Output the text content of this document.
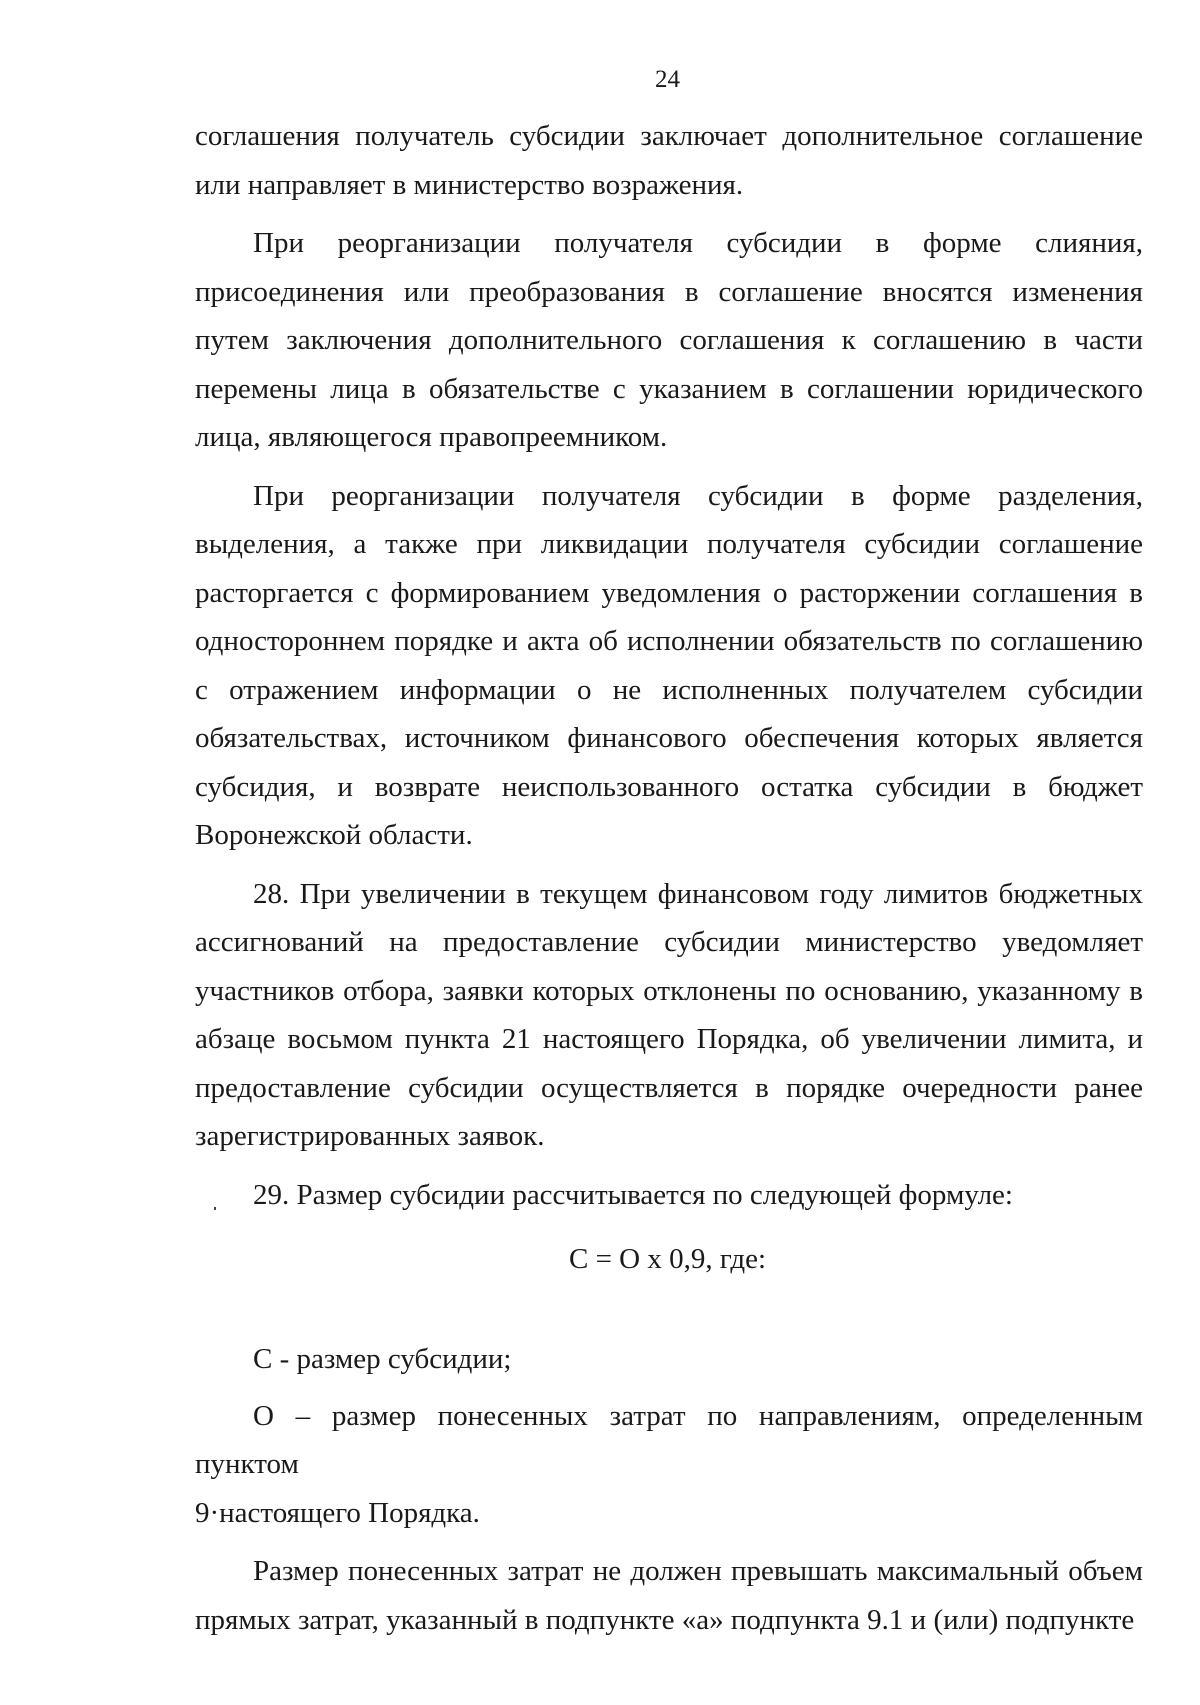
24

соглашения получатель субсидии заключает дополнительное соглашение или направляет в министерство возражения.

При реорганизации получателя субсидии в форме слияния, присоединения или преобразования в соглашение вносятся изменения путем заключения дополнительного соглашения к соглашению в части перемены лица в обязательстве с указанием в соглашении юридического лица, являющегося правопреемником.

При реорганизации получателя субсидии в форме разделения, выделения, а также при ликвидации получателя субсидии соглашение расторгается с формированием уведомления о расторжении соглашения в одностороннем порядке и акта об исполнении обязательств по соглашению с отражением информации о не исполненных получателем субсидии обязательствах, источником финансового обеспечения которых является субсидия, и возврате неиспользованного остатка субсидии в бюджет Воронежской области.

28. При увеличении в текущем финансовом году лимитов бюджетных ассигнований на предоставление субсидии министерство уведомляет участников отбора, заявки которых отклонены по основанию, указанному в абзаце восьмом пункта 21 настоящего Порядка, об увеличении лимита, и предоставление субсидии осуществляется в порядке очередности ранее зарегистрированных заявок.

29. Размер субсидии рассчитывается по следующей формуле:

С = О х 0,9, где:

С - размер субсидии;

О – размер понесенных затрат по направлениям, определенным пунктом

9·настоящего Порядка.

Размер понесенных затрат не должен превышать максимальный объем прямых затрат, указанный в подпункте «а» подпункта 9.1 и (или) подпункте
